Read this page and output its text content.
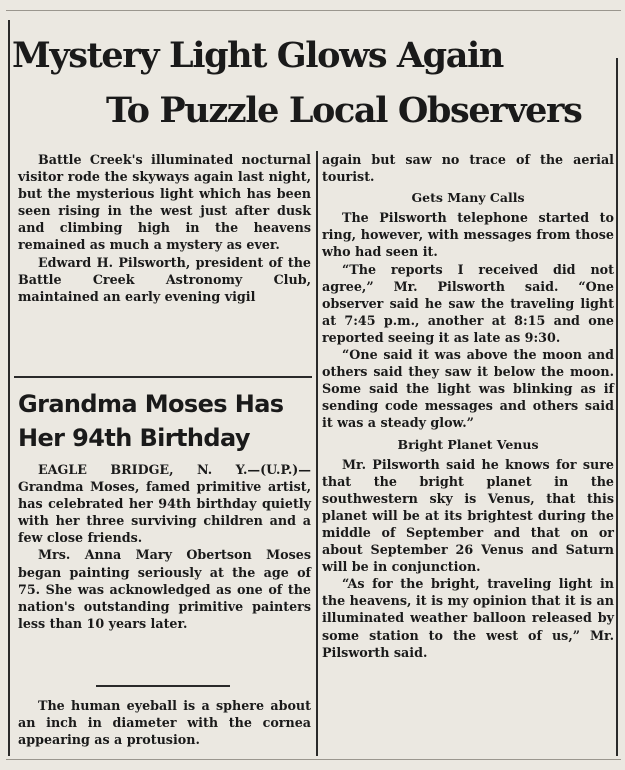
Mystery Light Glows Again
To Puzzle Local Observers

Battle Creek's illuminated nocturnal visitor rode the skyways again last night, but the mysterious light which has been seen rising in the west just after dusk and climbing high in the heavens remained as much a mystery as ever.

Edward H. Pilsworth, president of the Battle Creek Astronomy Club, maintained an early evening vigil

Grandma Moses Has
Her 94th Birthday

EAGLE BRIDGE, N. Y.—(U.P.)—Grandma Moses, famed primitive artist, has celebrated her 94th birthday quietly with her three surviving children and a few close friends.

Mrs. Anna Mary Obertson Moses began painting seriously at the age of 75. She was acknowledged as one of the nation's outstanding primitive painters less than 10 years later.

The human eyeball is a sphere about an inch in diameter with the cornea appearing as a protusion.

again but saw no trace of the aerial tourist.

Gets Many Calls

The Pilsworth telephone started to ring, however, with messages from those who had seen it.

“The reports I received did not agree,” Mr. Pilsworth said. “One observer said he saw the traveling light at 7:45 p.m., another at 8:15 and one reported seeing it as late as 9:30.

“One said it was above the moon and others said they saw it below the moon. Some said the light was blinking as if sending code messages and others said it was a steady glow.”

Bright Planet Venus

Mr. Pilsworth said he knows for sure that the bright planet in the southwestern sky is Venus, that this planet will be at its brightest during the middle of September and that on or about September 26 Venus and Saturn will be in conjunction.

“As for the bright, traveling light in the heavens, it is my opinion that it is an illuminated weather balloon released by some station to the west of us,” Mr. Pilsworth said.
